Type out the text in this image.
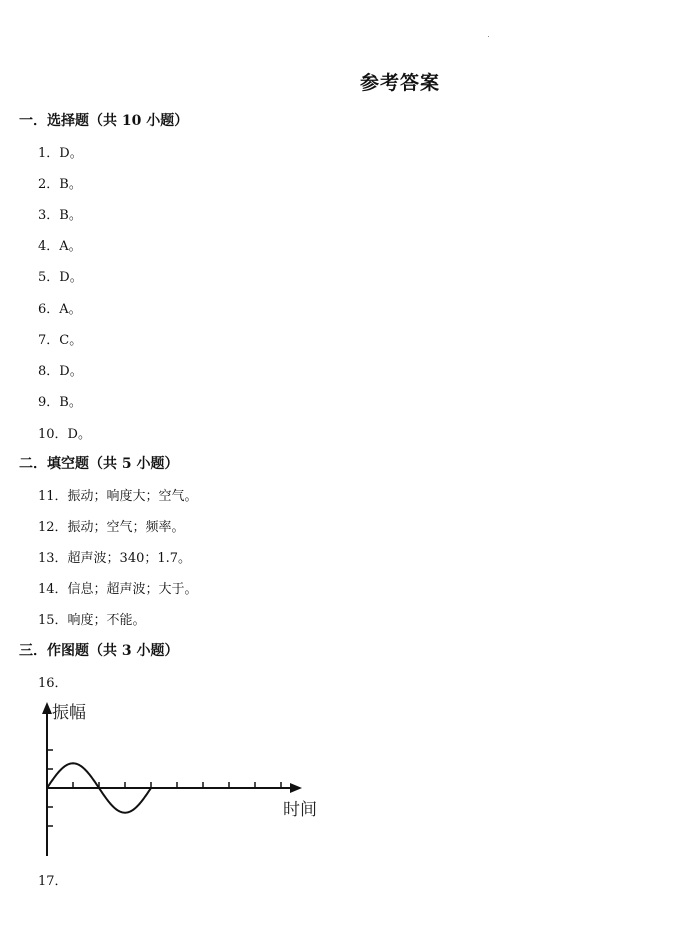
参考答案
一．选择题（共 10 小题）
1．D。
2．B。
3．B。
4．A。
5．D。
6．A。
7．C。
8．D。
9．B。
10．D。
二．填空题（共 5 小题）
11．振动；响度大；空气。
12．振动；空气；频率。
13．超声波；340；1.7。
14．信息；超声波；大于。
15．响度；不能。
三．作图题（共 3 小题）
16．
振幅
时间
17．
